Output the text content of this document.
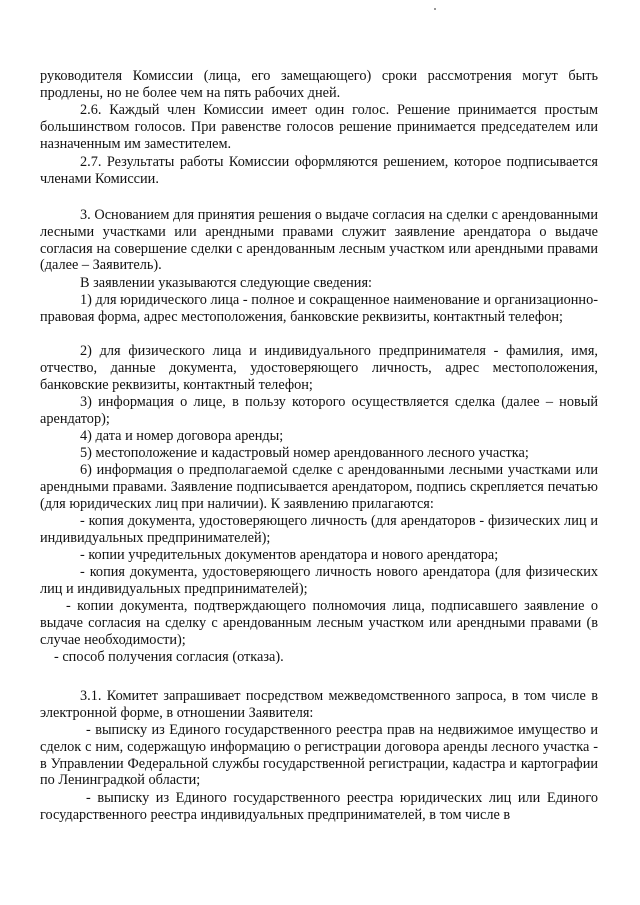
руководителя Комиссии (лица, его замещающего) сроки рассмотрения могут быть продлены, но не более чем на пять рабочих дней.

2.6. Каждый член Комиссии имеет один голос. Решение принимается простым большинством голосов. При равенстве голосов решение принимается председателем или назначенным им заместителем.

2.7. Результаты работы Комиссии оформляются решением, которое подписывается членами Комиссии.

3. Основанием для принятия решения о выдаче согласия на сделки с арендованными лесными участками или арендными правами служит заявление арендатора о выдаче согласия на совершение сделки с арендованным лесным участком или арендными правами (далее – Заявитель).

В заявлении указываются следующие сведения:

1) для юридического лица - полное и сокращенное наименование и организационно-правовая форма, адрес местоположения, банковские реквизиты, контактный телефон;

2) для физического лица и индивидуального предпринимателя - фамилия, имя, отчество, данные документа, удостоверяющего личность, адрес местоположения, банковские реквизиты, контактный телефон;

3) информация о лице, в пользу которого осуществляется сделка (далее – новый арендатор);

4) дата и номер договора аренды;

5) местоположение и кадастровый номер арендованного лесного участка;

6) информация о предполагаемой сделке с арендованными лесными участками или арендными правами. Заявление подписывается арендатором, подпись скрепляется печатью (для юридических лиц при наличии). К заявлению прилагаются:

- копия документа, удостоверяющего личность (для арендаторов - физических лиц и индивидуальных предпринимателей);

- копии учредительных документов арендатора и нового арендатора;

- копия документа, удостоверяющего личность нового арендатора (для физических лиц и индивидуальных предпринимателей);

- копии документа, подтверждающего полномочия лица, подписавшего заявление о выдаче согласия на сделку с арендованным лесным участком или арендными правами (в случае необходимости);

- способ получения согласия (отказа).

3.1. Комитет запрашивает посредством межведомственного запроса, в том числе в электронной форме, в отношении Заявителя:

- выписку из Единого государственного реестра прав на недвижимое имущество и сделок с ним, содержащую информацию о регистрации договора аренды лесного участка - в Управлении Федеральной службы государственной регистрации, кадастра и картографии по Ленинградкой области;

- выписку из Единого государственного реестра юридических лиц или Единого государственного реестра индивидуальных предпринимателей, в том числе в
